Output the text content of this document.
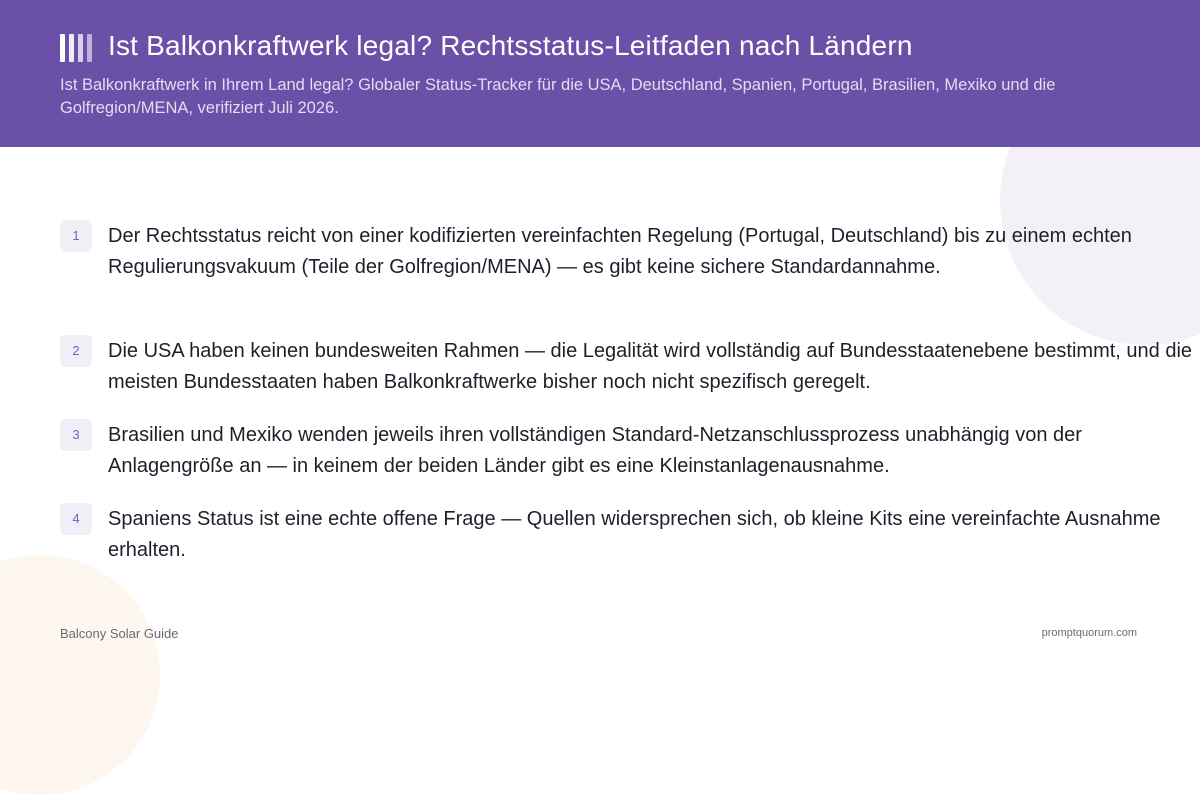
Ist Balkonkraftwerk legal? Rechtsstatus-Leitfaden nach Ländern

Ist Balkonkraftwerk in Ihrem Land legal? Globaler Status-Tracker für die USA, Deutschland, Spanien, Portugal, Brasilien, Mexiko und die Golfregion/MENA, verifiziert Juli 2026.

1	Der Rechtsstatus reicht von einer kodifizierten vereinfachten Regelung (Portugal, Deutschland) bis zu einem echten Regulierungsvakuum (Teile der Golfregion/MENA) — es gibt keine sichere Standardannahme.

2	Die USA haben keinen bundesweiten Rahmen — die Legalität wird vollständig auf Bundesstaatenebene bestimmt, und die meisten Bundesstaaten haben Balkonkraftwerke bisher noch nicht spezifisch geregelt.

3	Brasilien und Mexiko wenden jeweils ihren vollständigen Standard-Netzanschlussprozess unabhängig von der Anlagengröße an — in keinem der beiden Länder gibt es eine Kleinstanlagenausnahme.

4	Spaniens Status ist eine echte offene Frage — Quellen widersprechen sich, ob kleine Kits eine vereinfachte Ausnahme erhalten.

Balcony Solar Guide	promptquorum.com
